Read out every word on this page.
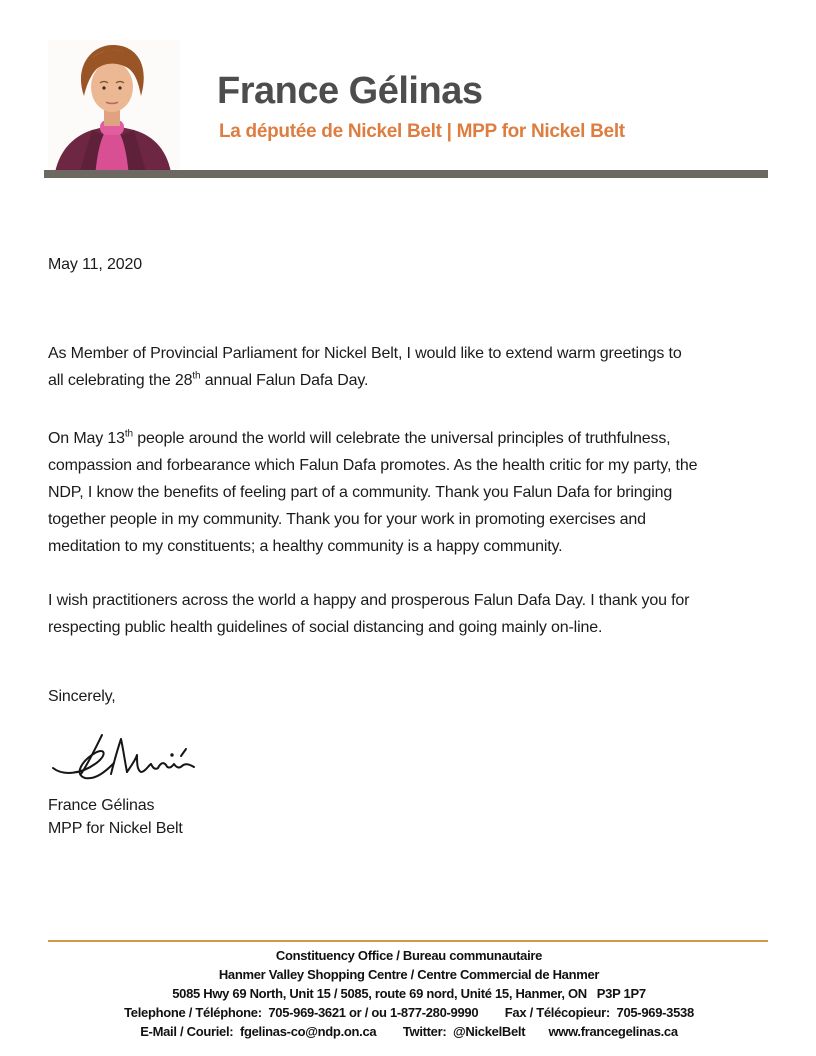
France Gélinas
La députée de Nickel Belt | MPP for Nickel Belt
May 11, 2020

As Member of Provincial Parliament for Nickel Belt, I would like to extend warm greetings to all celebrating the 28th annual Falun Dafa Day.

On May 13th people around the world will celebrate the universal principles of truthfulness, compassion and forbearance which Falun Dafa promotes. As the health critic for my party, the NDP, I know the benefits of feeling part of a community. Thank you Falun Dafa for bringing together people in my community. Thank you for your work in promoting exercises and meditation to my constituents; a healthy community is a happy community.

I wish practitioners across the world a happy and prosperous Falun Dafa Day. I thank you for respecting public health guidelines of social distancing and going mainly on-line.

Sincerely,
France Gélinas
MPP for Nickel Belt
Constituency Office / Bureau communautaire
Hanmer Valley Shopping Centre / Centre Commercial de Hanmer
5085 Hwy 69 North, Unit 15 / 5085, route 69 nord, Unité 15, Hanmer, ON   P3P 1P7
Telephone / Téléphone:  705-969-3621 or / ou 1-877-280-9990        Fax / Télécopieur:  705-969-3538
E-Mail / Couriel:  fgelinas-co@ndp.on.ca        Twitter:  @NickelBelt       www.francegelinas.ca
